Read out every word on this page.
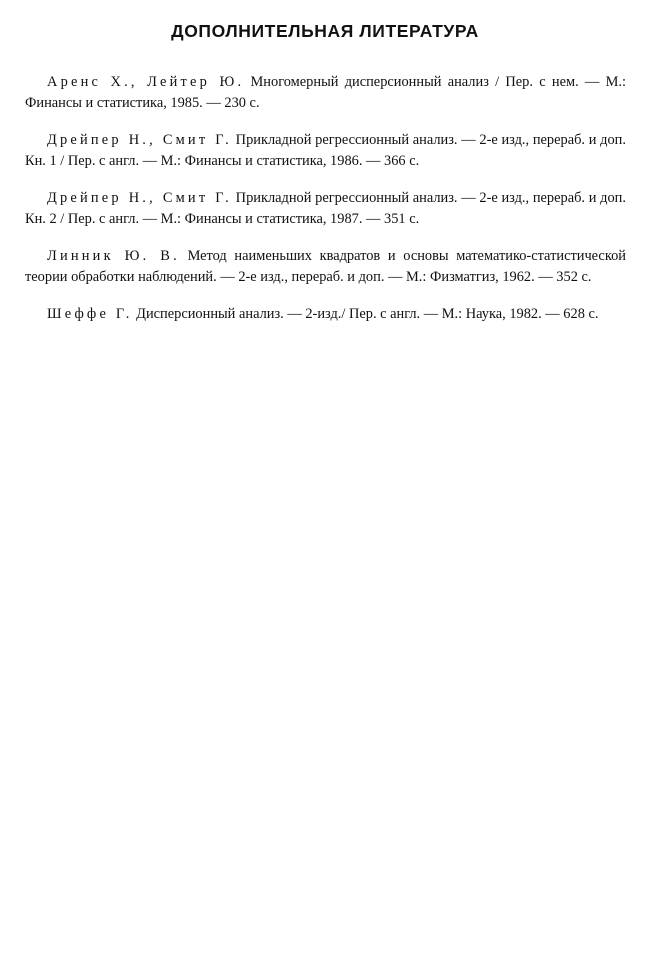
ДОПОЛНИТЕЛЬНАЯ ЛИТЕРАТУРА
Аренс Х., Лейтер Ю. Многомерный дисперсионный анализ / Пер. с нем. — М.: Финансы и статистика, 1985. — 230 с.
Дрейпер Н., Смит Г. Прикладной регрессионный анализ. — 2-е изд., перераб. и доп. Кн. 1 / Пер. с англ. — М.: Финансы и статистика, 1986. — 366 с.
Дрейпер Н., Смит Г. Прикладной регрессионный анализ. — 2-е изд., перераб. и доп. Кн. 2 / Пер. с англ. — М.: Финансы и статистика, 1987. — 351 с.
Линник Ю. В. Метод наименьших квадратов и основы математико-статистической теории обработки наблюдений. — 2-е изд., перераб. и доп. — М.: Физматгиз, 1962. — 352 с.
Шеффе Г. Дисперсионный анализ. — 2-изд./ Пер. с англ. — М.: Наука, 1982. — 628 с.
